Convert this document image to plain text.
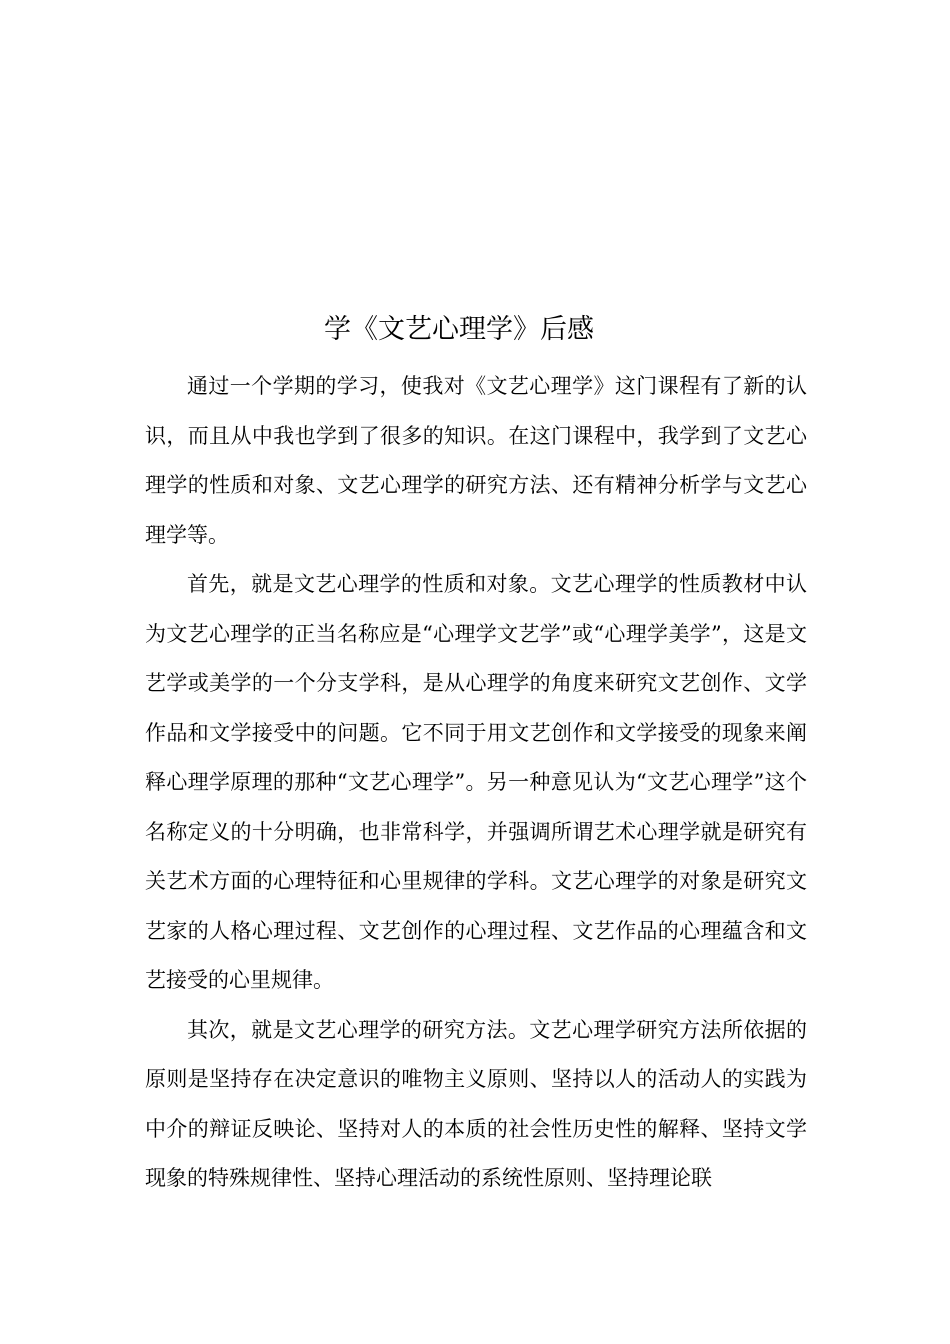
学《文艺心理学》后感

通过一个学期的学习，使我对《文艺心理学》这门课程有了新的认识，而且从中我也学到了很多的知识。在这门课程中，我学到了文艺心理学的性质和对象、文艺心理学的研究方法、还有精神分析学与文艺心理学等。

首先，就是文艺心理学的性质和对象。文艺心理学的性质教材中认为文艺心理学的正当名称应是“心理学文艺学”或“心理学美学”，这是文艺学或美学的一个分支学科，是从心理学的角度来研究文艺创作、文学作品和文学接受中的问题。它不同于用文艺创作和文学接受的现象来阐释心理学原理的那种“文艺心理学”。另一种意见认为“文艺心理学”这个名称定义的十分明确，也非常科学，并强调所谓艺术心理学就是研究有关艺术方面的心理特征和心里规律的学科。文艺心理学的对象是研究文艺家的人格心理过程、文艺创作的心理过程、文艺作品的心理蕴含和文艺接受的心里规律。

其次，就是文艺心理学的研究方法。文艺心理学研究方法所依据的原则是坚持存在决定意识的唯物主义原则、坚持以人的活动人的实践为中介的辩证反映论、坚持对人的本质的社会性历史性的解释、坚持文学现象的特殊规律性、坚持心理活动的系统性原则、坚持理论联
